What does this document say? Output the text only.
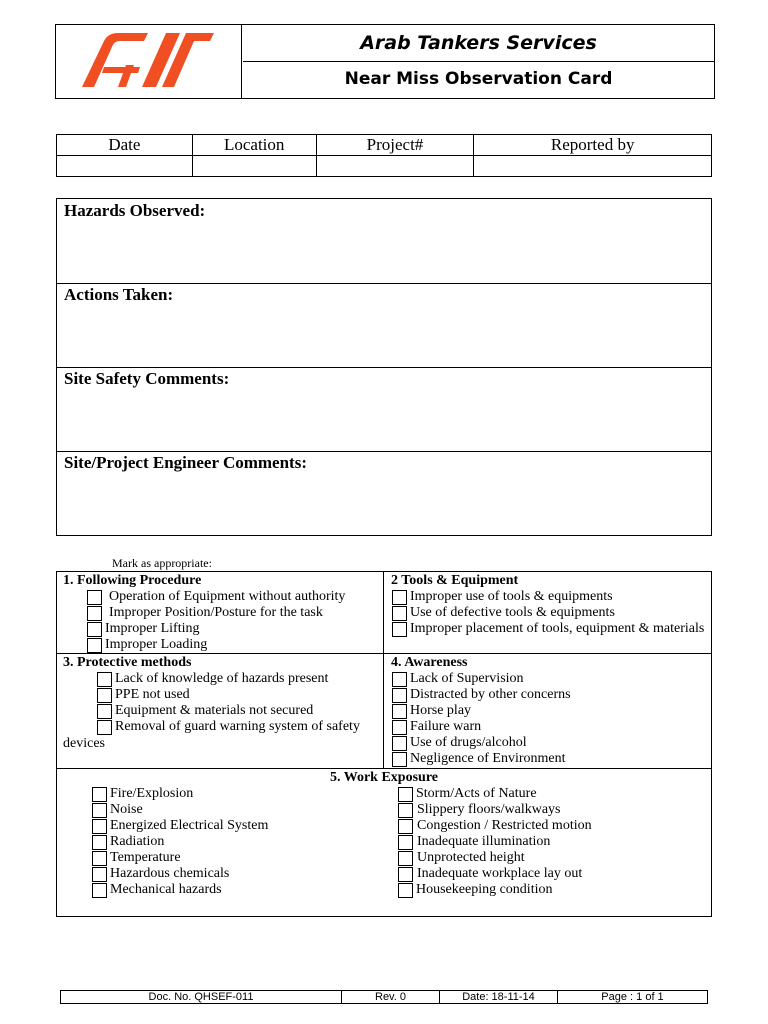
Arab Tankers Services
Near Miss Observation Card
Date	Location	Project#	Reported by

Hazards Observed:
Actions Taken:
Site Safety Comments:
Site/Project Engineer Comments:
Mark as appropriate:
1. Following Procedure
Operation of Equipment without authority
Improper Position/Posture for the task
Improper Lifting
Improper Loading
2 Tools & Equipment
Improper use of tools & equipments
Use of defective tools & equipments
Improper placement of tools, equipment & materials
3. Protective methods
Lack of knowledge of hazards present
PPE not used
Equipment & materials not secured
Removal of guard warning system of safety
devices
4. Awareness
Lack of Supervision
Distracted by other concerns
Horse play
Failure warn
Use of drugs/alcohol
Negligence of Environment
5. Work Exposure
Fire/Explosion
Noise
Energized Electrical System
Radiation
Temperature
Hazardous chemicals
Mechanical hazards
Storm/Acts of Nature
Slippery floors/walkways
Congestion / Restricted motion
Inadequate illumination
Unprotected height
Inadequate workplace lay out
Housekeeping condition
Doc. No. QHSEF-011	Rev. 0	Date: 18-11-14	Page : 1 of 1
